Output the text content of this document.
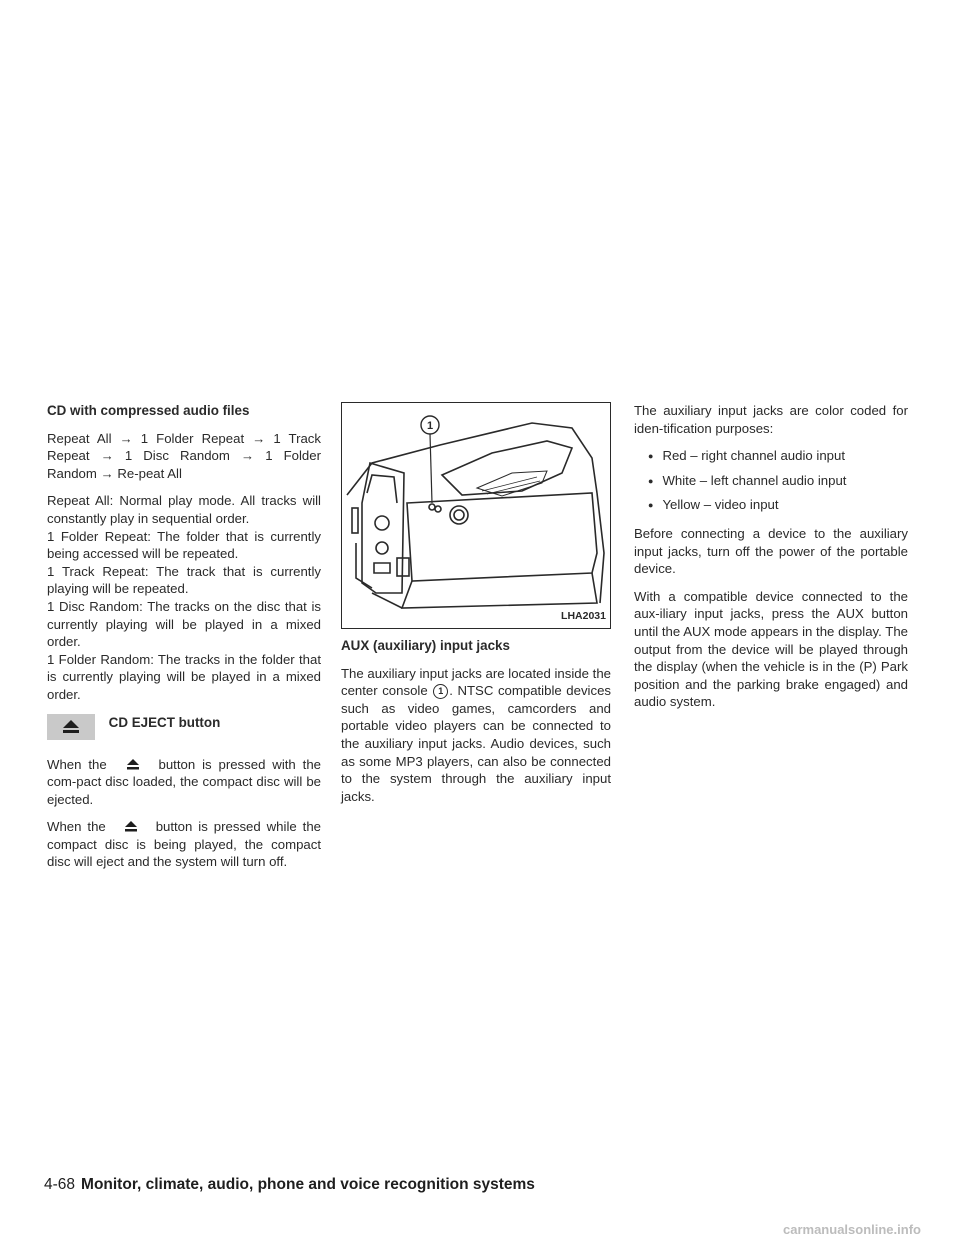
CD with compressed audio files

Repeat All → 1 Folder Repeat → 1 Track Repeat → 1 Disc Random → 1 Folder Random → Re-peat All

Repeat All: Normal play mode. All tracks will constantly play in sequential order.

1 Folder Repeat: The folder that is currently being accessed will be repeated.

1 Track Repeat: The track that is currently playing will be repeated.

1 Disc Random: The tracks on the disc that is currently playing will be played in a mixed order.

1 Folder Random: The tracks in the folder that is currently playing will be played in a mixed order.

CD EJECT button

When the	button is pressed with the com-pact disc loaded, the compact disc will be ejected.

When the	button is pressed while the compact disc is being played, the compact disc will eject and the system will turn off.

1
LHA2031

AUX (auxiliary) input jacks

The auxiliary input jacks are located inside the center console 1 . NTSC compatible devices such as video games, camcorders and portable video players can be connected to the auxiliary input jacks. Audio devices, such as some MP3 players, can also be connected to the system through the auxiliary input jacks.

The auxiliary input jacks are color coded for iden-tification purposes:

● Red – right channel audio input
● White – left channel audio input
● Yellow – video input

Before connecting a device to the auxiliary input jacks, turn off the power of the portable device.

With a compatible device connected to the aux-iliary input jacks, press the AUX button until the AUX mode appears in the display. The output from the device will be played through the display (when the vehicle is in the (P) Park position and the parking brake engaged) and audio system.

4-68 Monitor, climate, audio, phone and voice recognition systems
carmanualsonline.info
